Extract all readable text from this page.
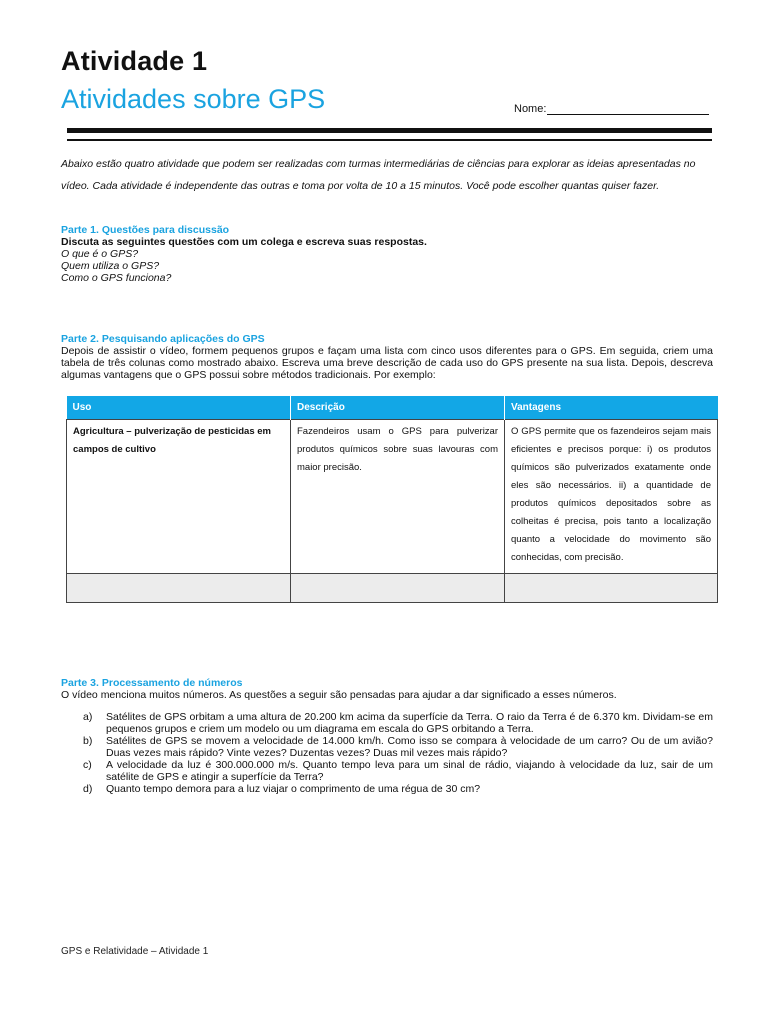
Atividade 1
Atividades sobre GPS	Nome:

Abaixo estão quatro atividade que podem ser realizadas com turmas intermediárias de ciências para explorar as ideias apresentadas no vídeo. Cada atividade é independente das outras e toma por volta de 10 a 15 minutos. Você pode escolher quantas quiser fazer.

Parte 1. Questões para discussão
Discuta as seguintes questões com um colega e escreva suas respostas.
O que é o GPS?
Quem utiliza o GPS?
Como o GPS funciona?
Parte 2. Pesquisando aplicações do GPS
Depois de assistir o vídeo, formem pequenos grupos e façam uma lista com cinco usos diferentes para o GPS. Em seguida, criem uma tabela de três colunas como mostrado abaixo. Escreva uma breve descrição de cada uso do GPS presente na sua lista. Depois, descreva algumas vantagens que o GPS possui sobre métodos tradicionais. Por exemplo:
Uso	Descrição	Vantagens
Agricultura – pulverização de pesticidas em campos de cultivo	Fazendeiros usam o GPS para pulverizar produtos químicos sobre suas lavouras com maior precisão.	O GPS permite que os fazendeiros sejam mais eficientes e precisos porque: i) os produtos químicos são pulverizados exatamente onde eles são necessários. ii) a quantidade de produtos químicos depositados sobre as colheitas é precisa, pois tanto a localização quanto a velocidade do movimento são conhecidas, com precisão.

Parte 3. Processamento de números
O vídeo menciona muitos números. As questões a seguir são pensadas para ajudar a dar significado a esses números.
a)	Satélites de GPS orbitam a uma altura de 20.200 km acima da superfície da Terra. O raio da Terra é de 6.370 km. Dividam-se em pequenos grupos e criem um modelo ou um diagrama em escala do GPS orbitando a Terra.
b)	Satélites de GPS se movem a velocidade de 14.000 km/h. Como isso se compara à velocidade de um carro? Ou de um avião? Duas vezes mais rápido? Vinte vezes? Duzentas vezes? Duas mil vezes mais rápido?
c)	A velocidade da luz é 300.000.000 m/s. Quanto tempo leva para um sinal de rádio, viajando à velocidade da luz, sair de um satélite de GPS e atingir a superfície da Terra?
d)	Quanto tempo demora para a luz viajar o comprimento de uma régua de 30 cm?
GPS e Relatividade – Atividade 1
